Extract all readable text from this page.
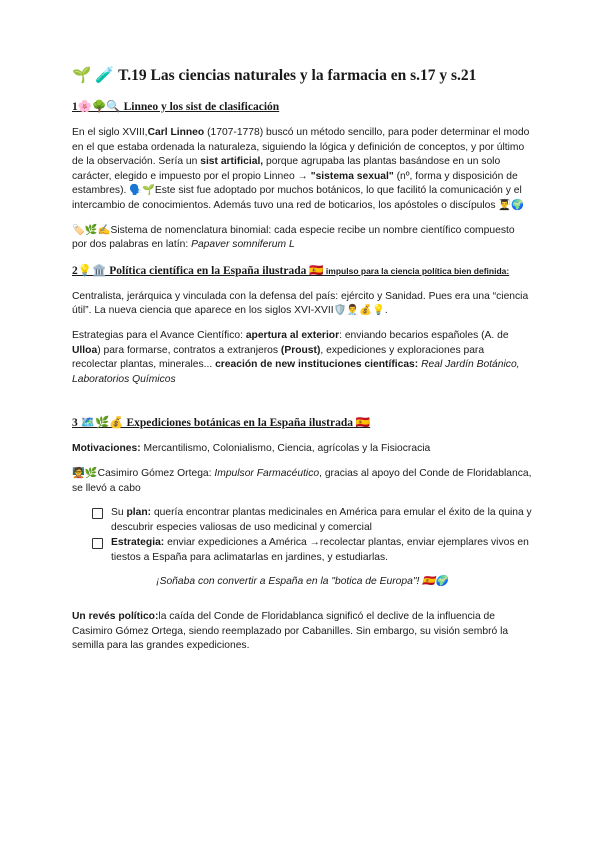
🌱 🧪 T.19 Las ciencias naturales y la farmacia en s.17 y s.21
1🌸🌳🔍 Linneo y los sist de clasificación

En el siglo XVIII,Carl Linneo (1707-1778) buscó un método sencillo, para poder determinar el modo en el que estaba ordenada la naturaleza, siguiendo la lógica y definición de conceptos, y por último de la observación. Sería un sist artificial, porque agrupaba las plantas basándose en un solo carácter, elegido e impuesto por el propio Linneo → "sistema sexual" (nº, forma y disposición de estambres). 🗣️🌱Este sist fue adoptado por muchos botánicos, lo que facilitó la comunicación y el intercambio de conocimientos. Además tuvo una red de boticarios, los apóstoles o discípulos 👨‍🎓🌍

🏷️🌿✍️Sistema de nomenclatura binomial: cada especie recibe un nombre científico compuesto por dos palabras en latín: Papaver somniferum L

2💡🏛️ Política científica en la España ilustrada 🇪🇸 impulso para la ciencia política bien definida:

Centralista, jerárquica y vinculada con la defensa del país: ejército y Sanidad. Pues era una “ciencia útil”. La nueva ciencia que aparece en los siglos XVI-XVII🛡️👨‍⚕️💰💡.

Estrategias para el Avance Científico: apertura al exterior: enviando becarios españoles (A. de Ulloa) para formarse, contratos a extranjeros (Proust), expediciones y exploraciones para recolectar plantas, minerales... creación de new instituciones científicas: Real Jardín Botánico, Laboratorios Químicos

3 🗺️🌿💰 Expediciones botánicas en la España ilustrada 🇪🇸

Motivaciones: Mercantilismo, Colonialismo, Ciencia, agrícolas y la Fisiocracia

🧑‍🏫🌿Casimiro Gómez Ortega: Impulsor Farmacéutico, gracias al apoyo del Conde de Floridablanca, se llevó a cabo

Su plan: quería encontrar plantas medicinales en América para emular el éxito de la quina y descubrir especies valiosas de uso medicinal y comercial
Estrategia: enviar expediciones a América →recolectar plantas, enviar ejemplares vivos en tiestos a España para aclimatarlas en jardines, y estudiarlas.

¡Soñaba con convertir a España en la "botica de Europa"! 🇪🇸🌍

Un revés político:la caída del Conde de Floridablanca significó el declive de la influencia de Casimiro Gómez Ortega, siendo reemplazado por Cabanilles. Sin embargo, su visión sembró la semilla para las grandes expediciones.
